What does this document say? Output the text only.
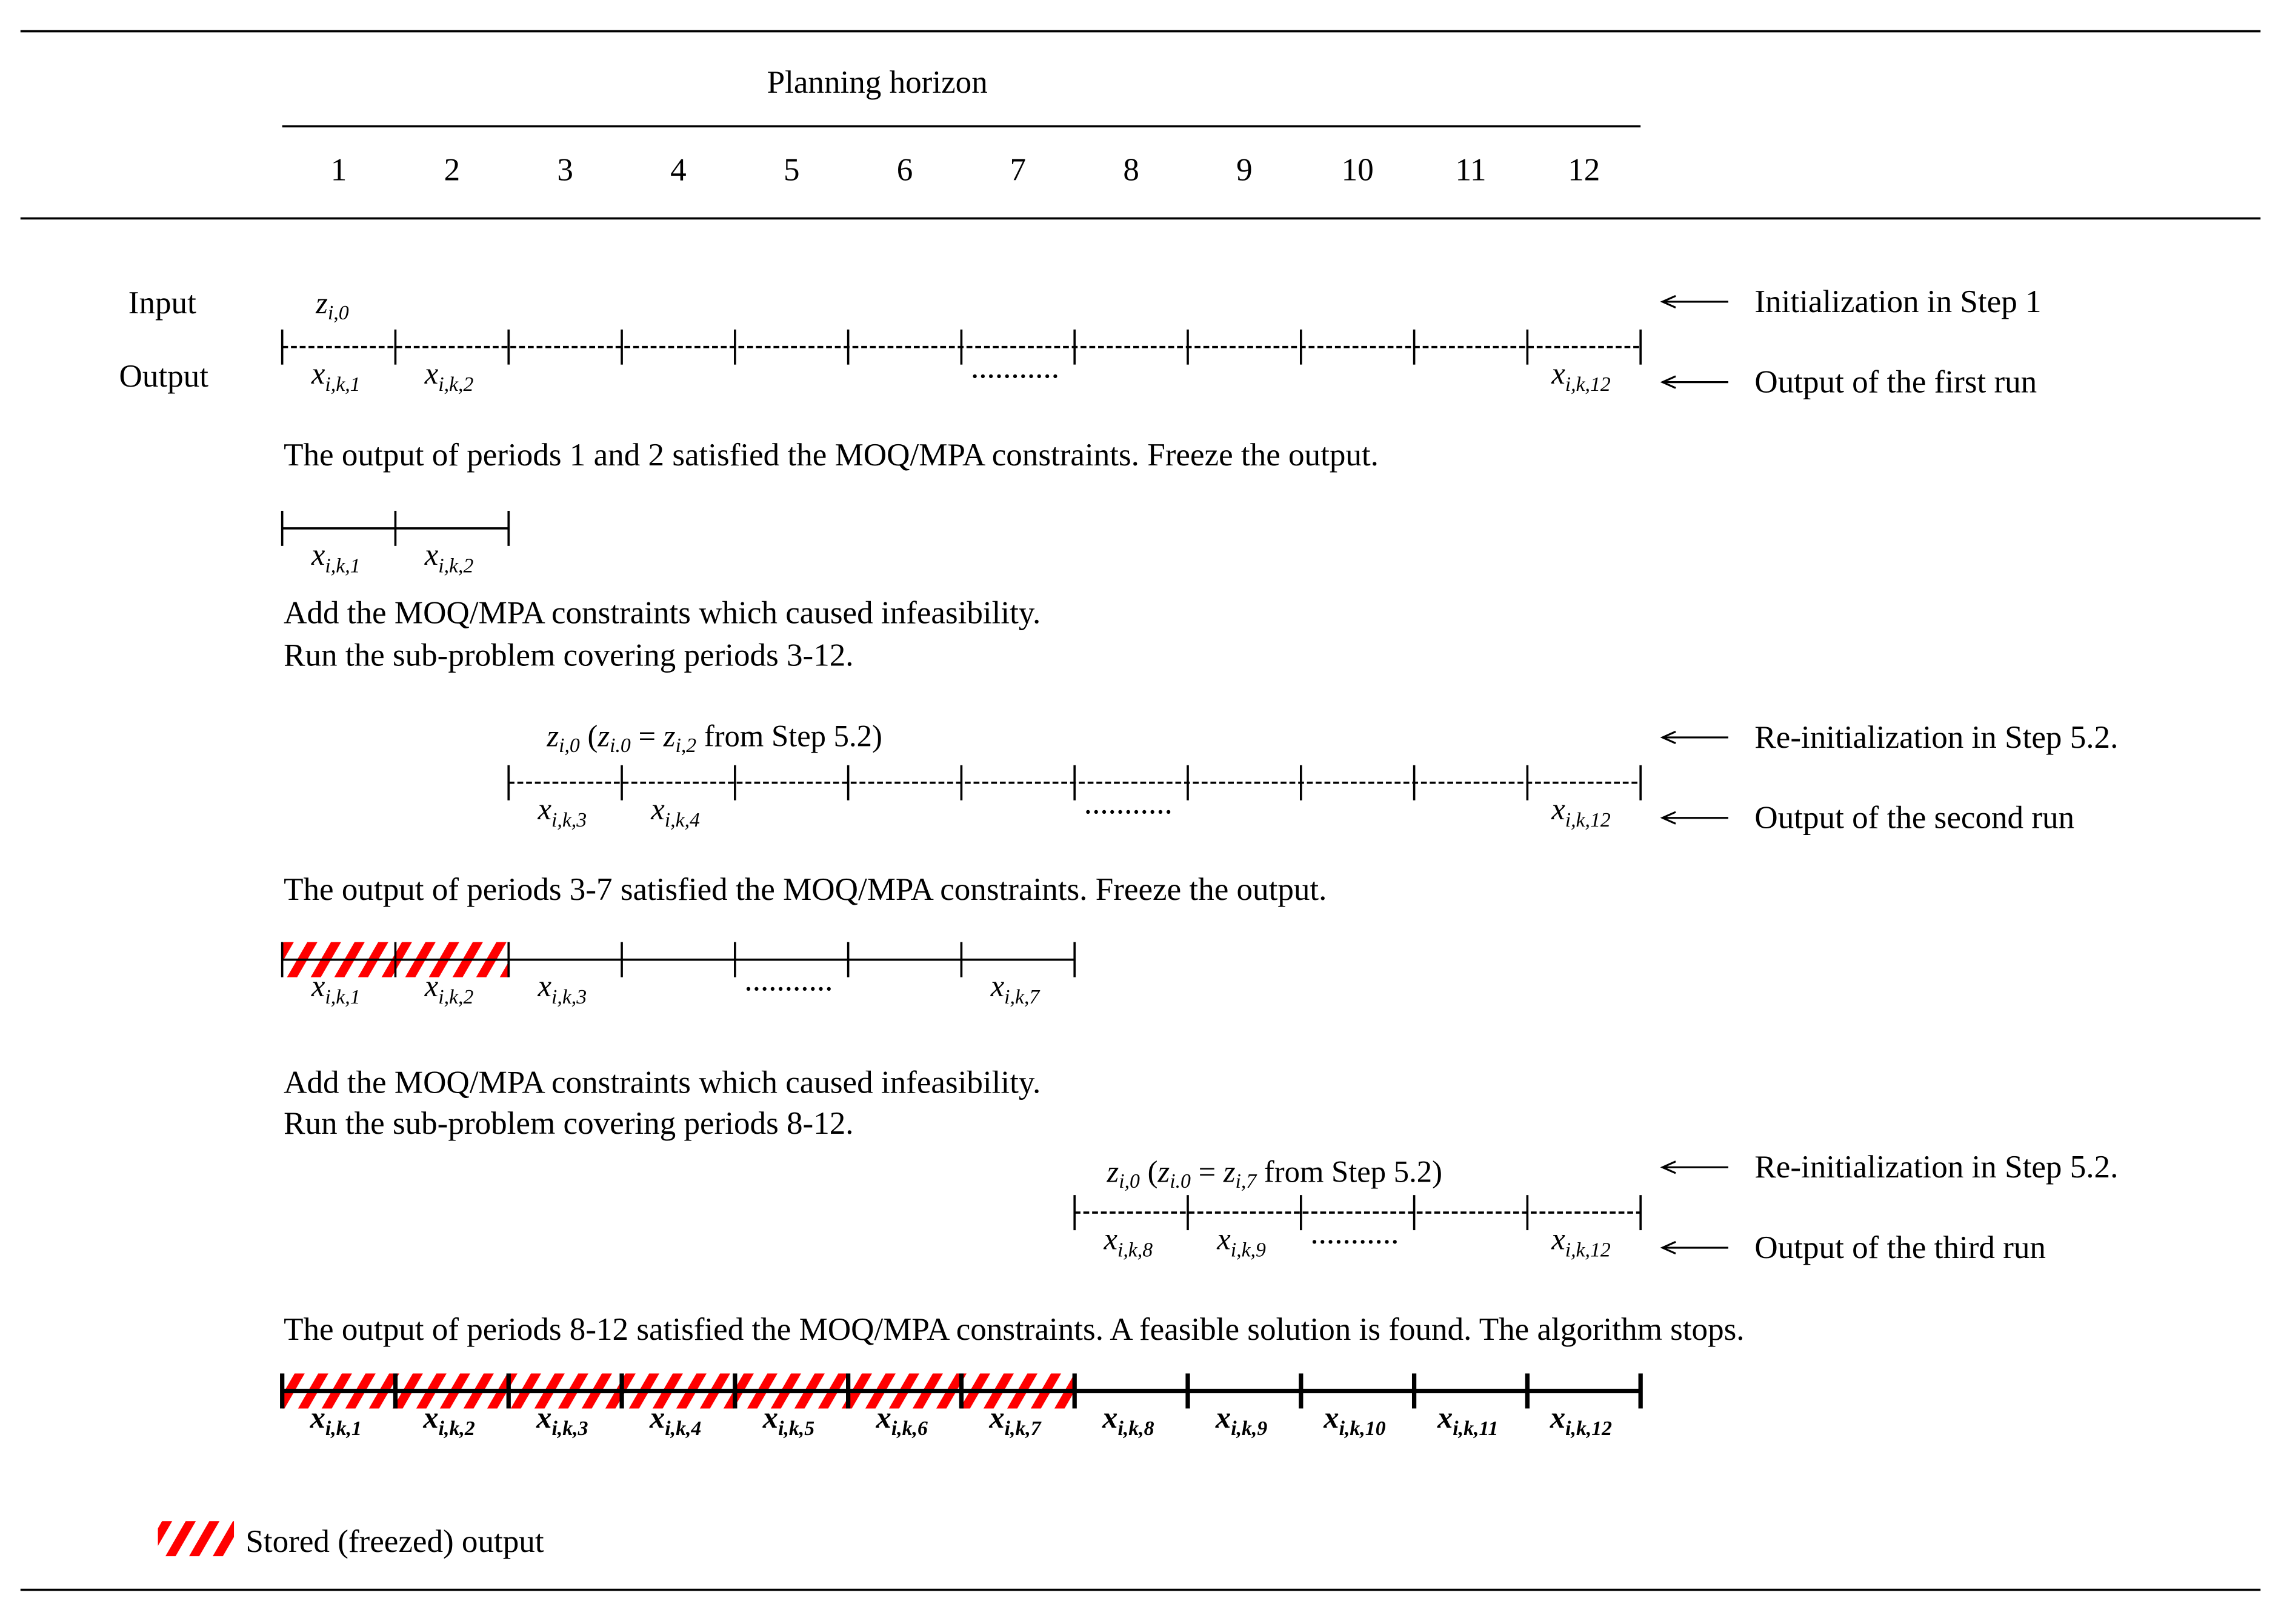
Planning horizon
1	2	3	4	5	6	7	8	9	10	11	12
Input
Output	$x_{i,k,1}$	$x_{i,k,2}$	...........	$x_{i,k,12}$
zi,0	Initialization in Step 1
Output of the first run
$x_{i,k,3}$	$x_{i,k,4}$	...........	$x_{i,k,12}$
zi,0 (zi.0 = zi,2 from Step 5.2)	Re-initialization in Step 5.2.
Output of the second run
$x_{i,k,8}$	$x_{i,k,9}$	...........	$x_{i,k,12}$
zi,0 (zi.0 = zi,7 from Step 5.2)	Re-initialization in Step 5.2.
Output of the third run
$x_{i,k,1}$	$x_{i,k,2}$
$x_{i,k,1}$	$x_{i,k,2}$	$x_{i,k,3}$	...........	$x_{i,k,7}$
$x_{i,k,1}$	$x_{i,k,2}$	$x_{i,k,3}$	$x_{i,k,4}$	$x_{i,k,5}$	$x_{i,k,6}$	$x_{i,k,7}$	$x_{i,k,8}$	$x_{i,k,9}$	$x_{i,k,10}$	$x_{i,k,11}$	$x_{i,k,12}$
The output of periods 1 and 2 satisfied the MOQ/MPA constraints. Freeze the output.
Add the MOQ/MPA constraints which caused infeasibility.
Run the sub-problem covering periods 3-12.
The output of periods 3-7 satisfied the MOQ/MPA constraints. Freeze the output.
Add the MOQ/MPA constraints which caused infeasibility.
Run the sub-problem covering periods 8-12.
The output of periods 8-12 satisfied the MOQ/MPA constraints. A feasible solution is found. The algorithm stops.
Stored (freezed) output
